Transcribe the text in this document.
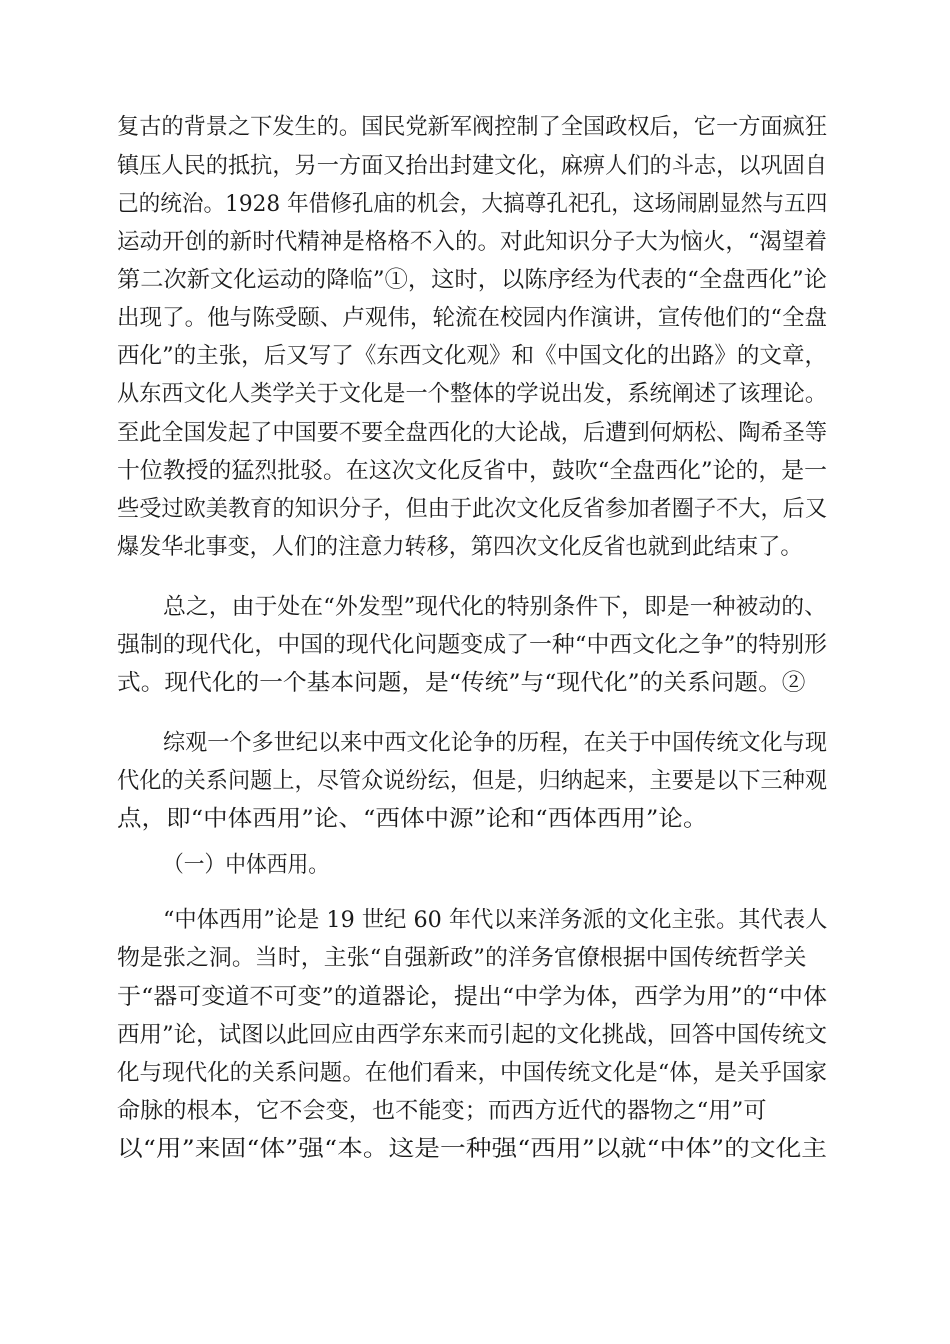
复古的背景之下发生的。国民党新军阀控制了全国政权后，它一方面疯狂
镇压人民的抵抗，另一方面又抬出封建文化，麻痹人们的斗志，以巩固自
己的统治。1928 年借修孔庙的机会，大搞尊孔祀孔，这场闹剧显然与五四
运动开创的新时代精神是格格不入的。对此知识分子大为恼火，“渴望着
第二次新文化运动的降临”①，这时，以陈序经为代表的“全盘西化”论
出现了。他与陈受颐、卢观伟，轮流在校园内作演讲，宣传他们的“全盘
西化”的主张，后又写了《东西文化观》和《中国文化的出路》的文章，
从东西文化人类学关于文化是一个整体的学说出发，系统阐述了该理论。
至此全国发起了中国要不要全盘西化的大论战，后遭到何炳松、陶希圣等
十位教授的猛烈批驳。在这次文化反省中，鼓吹“全盘西化”论的，是一
些受过欧美教育的知识分子，但由于此次文化反省参加者圈子不大，后又
爆发华北事变，人们的注意力转移，第四次文化反省也就到此结束了。
总之，由于处在“外发型”现代化的特别条件下，即是一种被动的、
强制的现代化，中国的现代化问题变成了一种“中西文化之争”的特别形
式。现代化的一个基本问题，是“传统”与“现代化”的关系问题。②
综观一个多世纪以来中西文化论争的历程，在关于中国传统文化与现
代化的关系问题上，尽管众说纷纭，但是，归纳起来，主要是以下三种观
点，即“中体西用”论、“西体中源”论和“西体西用”论。
（一）中体西用。
“中体西用”论是 19 世纪 60 年代以来洋务派的文化主张。其代表人
物是张之洞。当时，主张“自强新政”的洋务官僚根据中国传统哲学关
于“器可变道不可变”的道器论，提出“中学为体，西学为用”的“中体
西用”论，试图以此回应由西学东来而引起的文化挑战，回答中国传统文
化与现代化的关系问题。在他们看来，中国传统文化是“体，是关乎国家
命脉的根本，它不会变，也不能变；而西方近代的器物之“用”可
以“用”来固“体”强“本。这是一种强“西用”以就“中体”的文化主
